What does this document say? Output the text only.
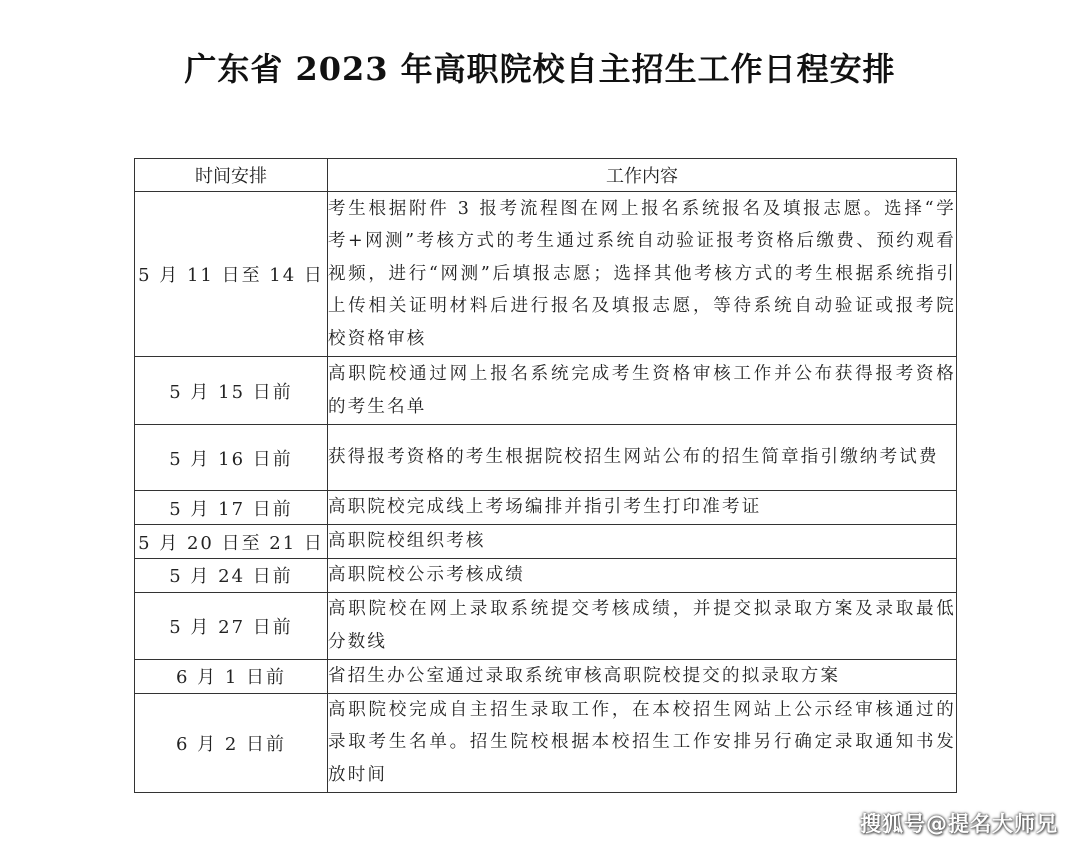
广东省 2023 年高职院校自主招生工作日程安排
时间安排	工作内容
5 月 11 日至 14 日	考生根据附件 3 报考流程图在网上报名系统报名及填报志愿。选择“学考+网测”考核方式的考生通过系统自动验证报考资格后缴费、预约观看视频，进行“网测”后填报志愿；选择其他考核方式的考生根据系统指引上传相关证明材料后进行报名及填报志愿，等待系统自动验证或报考院校资格审核
5 月 15 日前	高职院校通过网上报名系统完成考生资格审核工作并公布获得报考资格的考生名单
5 月 16 日前	获得报考资格的考生根据院校招生网站公布的招生简章指引缴纳考试费
5 月 17 日前	高职院校完成线上考场编排并指引考生打印准考证
5 月 20 日至 21 日	高职院校组织考核
5 月 24 日前	高职院校公示考核成绩
5 月 27 日前	高职院校在网上录取系统提交考核成绩，并提交拟录取方案及录取最低分数线
6 月 1 日前	省招生办公室通过录取系统审核高职院校提交的拟录取方案
6 月 2 日前	高职院校完成自主招生录取工作，在本校招生网站上公示经审核通过的录取考生名单。招生院校根据本校招生工作安排另行确定录取通知书发放时间
搜狐号@提名大师兄
